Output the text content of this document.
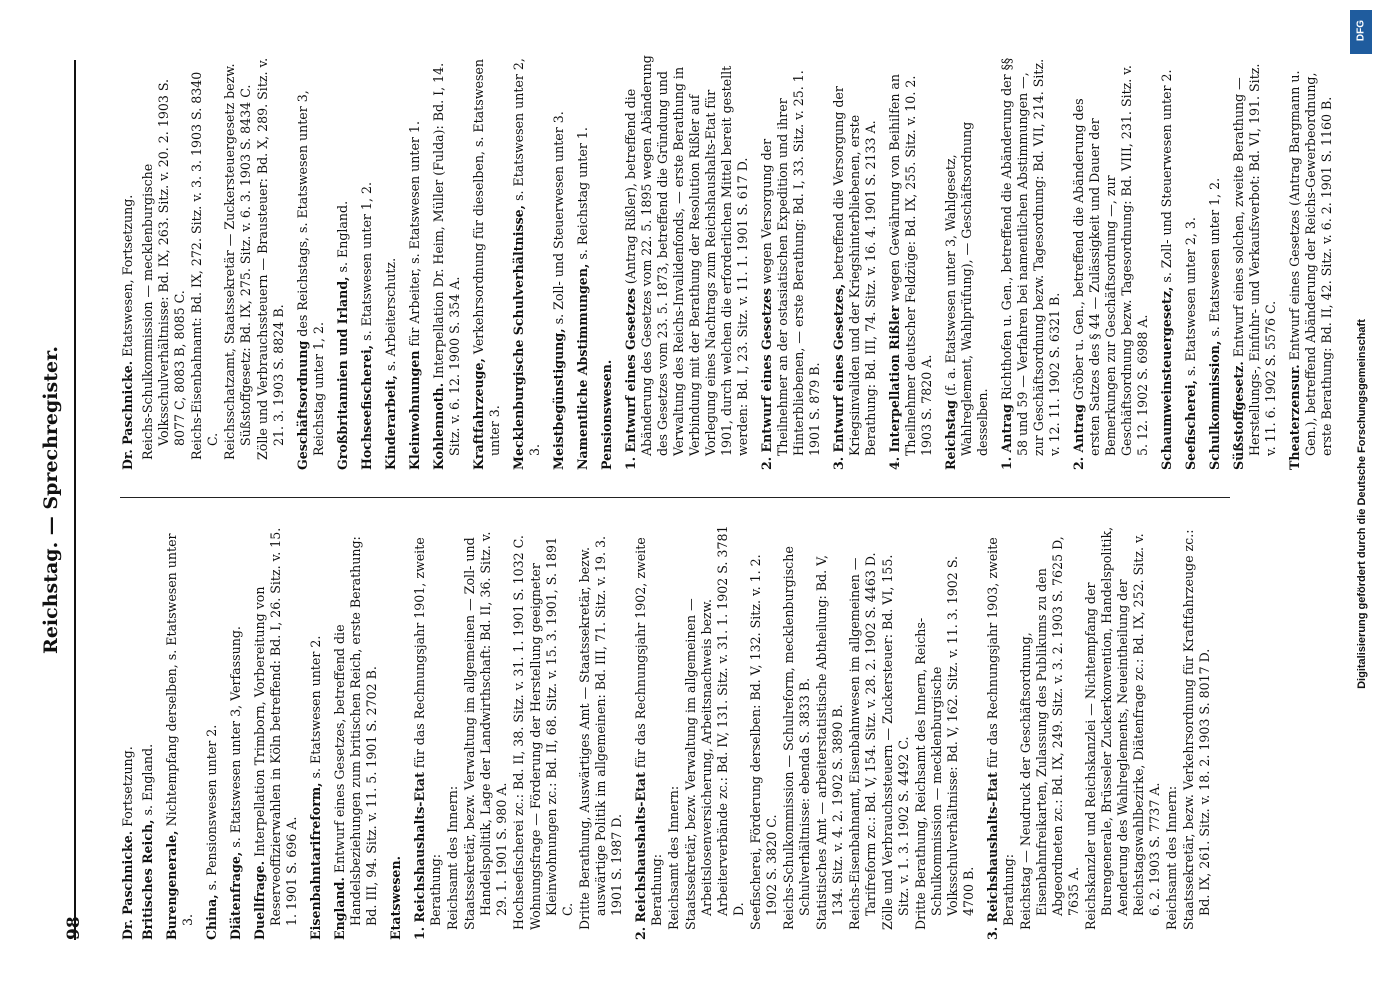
98
Reichstag. — Sprechregister.
Dr. Paschnicke. Fortsetzung.
Britisches Reich, s. England.
Burengenerale, Nichtempfang derselben, s. Etatswesen unter 3. China, s. Pensionswesen unter 2.
Diätenfrage, s. Etatswesen unter 3, Verfassung.
Duellfrage. Interpellation Trimborn, Vorbereitung von Reserveoffizierwahlen in Köln betreffend: Bd. I, 26. Sitz. v. 15. 1. 1901 S. 696 A. Eisenbahntarifreform, s. Etatswesen unter 2.
England. Entwurf eines Gesetzes, betreffend die Handelsbeziehungen zum britischen Reich, erste Berathung: Bd. III, 94. Sitz. v. 11. 5. 1901 S. 2702 B. Etatswesen. 1. Reichshaushalts-Etat für das Rechnungsjahr 1901, zweite Berathung: Reichsamt des Innern: Staatssekretär, bezw. Verwaltung im allgemeinen — Zoll- und Handelspolitik, Lage der Landwirthschaft: Bd. II, 36. Sitz. v. 29. 1. 1901 S. 980 A. Hochseefischerei zc.: Bd. II, 38. Sitz. v. 31. 1. 1901 S. 1032 C. Wohnungsfrage — Förderung der Herstellung geeigneter Kleinwohnungen zc.: Bd. II, 68. Sitz. v. 15. 3. 1901, S. 1891 C. Dritte Berathung, Auswärtiges Amt — Staatssekretär, bezw. auswärtige Politik im allgemeinen: Bd. III, 71. Sitz. v. 19. 3. 1901 S. 1987 D. 2. Reichshaushalts-Etat für das Rechnungsjahr 1902, zweite Berathung: Reichsamt des Innern: Staatssekretär, bezw. Verwaltung im allgemeinen — Arbeitslosenversicherung, Arbeitsnachweis bezw. Arbeiterverbände zc.: Bd. IV, 131. Sitz. v. 31. 1. 1902 S. 3781 D. Seefischerei, Förderung derselben: Bd. V, 132. Sitz. v. 1. 2. 1902 S. 3820 C. Reichs-Schulkommission — Schulreform, mecklenburgische Schulverhältnisse: ebenda S. 3833 B. Statistisches Amt — arbeiterstatistische Abtheilung: Bd. V, 134. Sitz. v. 4. 2. 1902 S. 3890 B. Reichs-Eisenbahnamt, Eisenbahnwesen im allgemeinen — Tarifreform zc.: Bd. V, 154. Sitz. v. 28. 2. 1902 S. 4463 D. Zölle und Verbrauchssteuern — Zuckersteuer: Bd. VI, 155. Sitz. v. 1. 3. 1902 S. 4492 C. Dritte Berathung, Reichsamt des Innern, Reichs-Schulkommission — mecklenburgische Volksschulverhältnisse: Bd. V, 162. Sitz. v. 11. 3. 1902 S. 4700 B. 3. Reichshaushalts-Etat für das Rechnungsjahr 1903, zweite Berathung: Reichstag — Neudruck der Geschäftsordnung, Eisenbahnfreikarten, Zulassung des Publikums zu den Abgeordneten zc.: Bd. IX, 249. Sitz. v. 3. 2. 1903 S. 7625 D, 7635 A. Reichskanzler und Reichskanzlei — Nichtempfang der Burengenerale, Brüsseler Zuckerkonvention, Handelspolitik, Aenderung des Wahlreglements, Neueintheilung der Reichstagswahlbezirke, Diätenfrage zc.: Bd. IX, 252. Sitz. v. 6. 2. 1903 S. 7737 A. Reichsamt des Innern: Staatssekretär, bezw. Verkehrsordnung für Kraftfahrzeuge zc.: Bd. IX, 261. Sitz. v. 18. 2. 1903 S. 8017 D.
Dr. Paschnicke. Etatswesen, Fortsetzung. Reichs-Schulkommission — mecklenburgische Volksschulverhältnisse: Bd. IX, 263. Sitz. v. 20. 2. 1903 S. 8077 C, 8083 B, 8085 C. Reichs-Eisenbahnamt: Bd. IX, 272. Sitz. v. 3. 3. 1903 S. 8340 C. Reichsschatzamt, Staatssekretär — Zuckersteuergesetz bezw. Süßstoffgesetz: Bd. IX, 275. Sitz. v. 6. 3. 1903 S. 8434 C. Zölle und Verbrauchssteuern — Brausteuer: Bd. X, 289. Sitz. v. 21. 3. 1903 S. 8824 B. Geschäftsordnung des Reichstags, s. Etatswesen unter 3, Reichstag unter 1, 2. Großbritannien und Irland, s. England.
Hochseefischerei, s. Etatswesen unter 1, 2.
Kinderarbeit, s. Arbeiterschutz.
Kleinwohnungen für Arbeiter, s. Etatswesen unter 1.
Kohlennoth. Interpellation Dr. Heim, Müller (Fulda): Bd. I, 14. Sitz. v. 6. 12. 1900 S. 354 A. Kraftfahrzeuge, Verkehrsordnung für dieselben, s. Etatswesen unter 3. Mecklenburgische Schulverhältnisse, s. Etatswesen unter 2, 3. Meistbegünstigung, s. Zoll- und Steuerwesen unter 3.
Namentliche Abstimmungen, s. Reichstag unter 1.
Pensionswesen. 1. Entwurf eines Gesetzes (Antrag Rißler), betreffend die Abänderung des Gesetzes vom 22. 5. 1895 wegen Abänderung des Gesetzes vom 23. 5. 1873, betreffend die Gründung und Verwaltung des Reichs-Invalidenfonds, — erste Berathung in Verbindung mit der Berathung der Resolution Rißler auf Vorlegung eines Nachtrags zum Reichshaushalts-Etat für 1901, durch welchen die erforderlichen Mittel bereit gestellt werden: Bd. I, 23. Sitz. v. 11. 1. 1901 S. 617 D. 2. Entwurf eines Gesetzes wegen Versorgung der Theilnehmer an der ostasiatischen Expedition und ihrer Hinterbliebenen, — erste Berathung: Bd. I, 33. Sitz. v. 25. 1. 1901 S. 879 B. 3. Entwurf eines Gesetzes, betreffend die Versorgung der Kriegsinvaliden und der Kriegshinterbliebenen, erste Berathung: Bd. III, 74. Sitz. v. 16. 4. 1901 S. 2133 A. 4. Interpellation Rißler wegen Gewährung von Beihilfen an Theilnehmer deutscher Feldzüge: Bd. IX, 255. Sitz. v. 10. 2. 1903 S. 7820 A. Reichstag (f. a. Etatswesen unter 3, Wahlgesetz, Wahlreglement, Wahlprüfung), — Geschäftsordnung desselben. 1. Antrag Richthofen u. Gen., betreffend die Abänderung der §§ 58 und 59 — Verfahren bei namentlichen Abstimmungen —, zur Geschäftsordnung bezw. Tagesordnung: Bd. VII, 214. Sitz. v. 12. 11. 1902 S. 6321 B. 2. Antrag Gröber u. Gen., betreffend die Abänderung des ersten Satzes des § 44 — Zulässigkeit und Dauer der Bemerkungen zur Geschäftsordnung —, zur Geschäftsordnung bezw. Tagesordnung: Bd. VIII, 231. Sitz. v. 5. 12. 1902 S. 6988 A. Schaumweinsteuergesetz, s. Zoll- und Steuerwesen unter 2.
Seefischerei, s. Etatswesen unter 2, 3.
Schulkommission, s. Etatswesen unter 1, 2.
Süßstoffgesetz. Entwurf eines solchen, zweite Berathung — Herstellungs-, Einfuhr- und Verkaufsverbot: Bd. VI, 191. Sitz. v. 11. 6. 1902 S. 5576 C. Theaterzensur. Entwurf eines Gesetzes (Antrag Bargmann u. Gen.), betreffend Abänderung der Reichs-Gewerbeordnung, erste Berathung: Bd. II, 42. Sitz. v. 6. 2. 1901 S. 1160 B.
DFG
Digitalisierung gefördert durch die Deutsche Forschungsgemeinschaft
